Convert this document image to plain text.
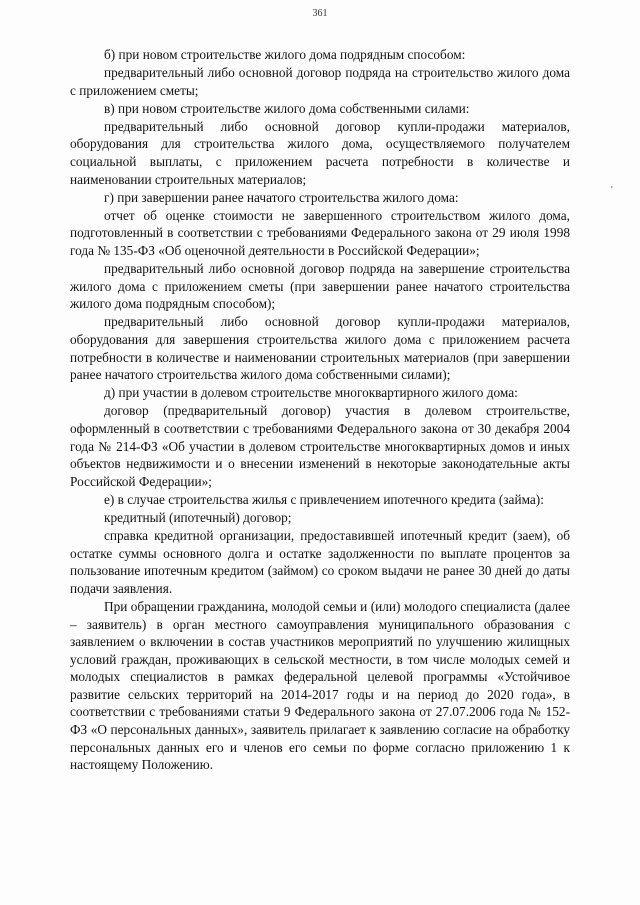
361
'

б) при новом строительстве жилого дома подрядным способом:

предварительный либо основной договор подряда на строительство жилого дома с приложением сметы;

в) при новом строительстве жилого дома собственными силами:

предварительный либо основной договор купли-продажи материалов, оборудования для строительства жилого дома, осуществляемого получателем социальной выплаты, с приложением расчета потребности в количестве и наименовании строительных материалов;

г) при завершении ранее начатого строительства жилого дома:

отчет об оценке стоимости не завершенного строительством жилого дома, подготовленный в соответствии с требованиями Федерального закона от 29 июля 1998 года № 135-ФЗ «Об оценочной деятельности в Российской Федерации»;

предварительный либо основной договор подряда на завершение строительства жилого дома с приложением сметы (при завершении ранее начатого строительства жилого дома подрядным способом);

предварительный либо основной договор купли-продажи материалов, оборудования для завершения строительства жилого дома с приложением расчета потребности в количестве и наименовании строительных материалов (при завершении ранее начатого строительства жилого дома собственными силами);

д) при участии в долевом строительстве многоквартирного жилого дома:

договор (предварительный договор) участия в долевом строительстве, оформленный в соответствии с требованиями Федерального закона от 30 декабря 2004 года № 214-ФЗ «Об участии в долевом строительстве многоквартирных домов и иных объектов недвижимости и о внесении изменений в некоторые законодательные акты Российской Федерации»;

е) в случае строительства жилья с привлечением ипотечного кредита (займа):

кредитный (ипотечный) договор;

справка кредитной организации, предоставившей ипотечный кредит (заем), об остатке суммы основного долга и остатке задолженности по выплате процентов за пользование ипотечным кредитом (займом) со сроком выдачи не ранее 30 дней до даты подачи заявления.

При обращении гражданина, молодой семьи и (или) молодого специалиста (далее – заявитель) в орган местного самоуправления муниципального образования с заявлением о включении в состав участников мероприятий по улучшению жилищных условий граждан, проживающих в сельской местности, в том числе молодых семей и молодых специалистов в рамках федеральной целевой программы «Устойчивое развитие сельских территорий на 2014-2017 годы и на период до 2020 года», в соответствии с требованиями статьи 9 Федерального закона от 27.07.2006 года № 152-ФЗ «О персональных данных», заявитель прилагает к заявлению согласие на обработку персональных данных его и членов его семьи по форме согласно приложению 1 к настоящему Положению.
